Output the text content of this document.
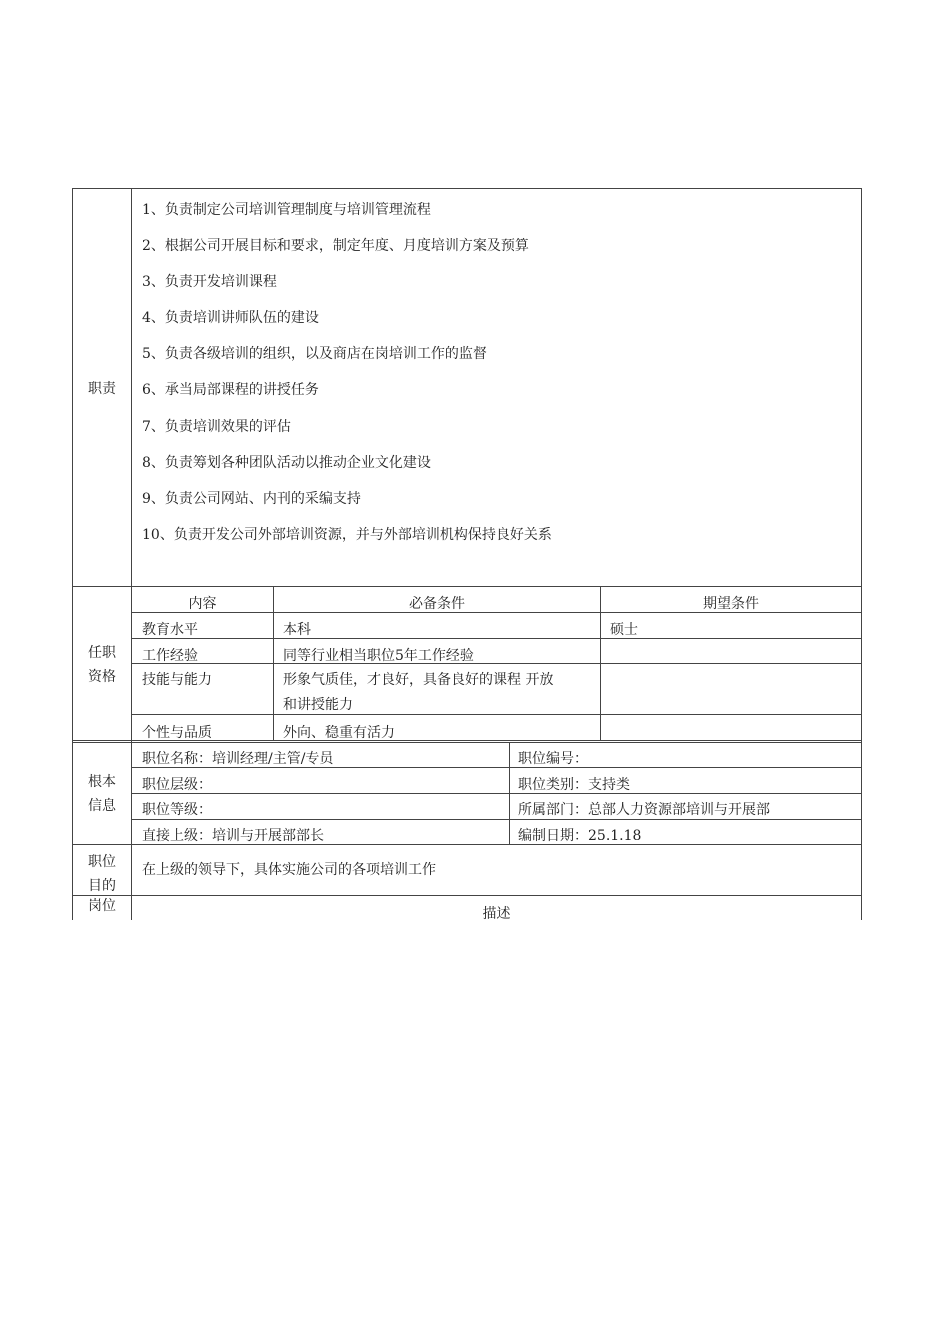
职责
1、负责制定公司培训管理制度与培训管理流程
2、根据公司开展目标和要求，制定年度、月度培训方案及预算
3、负责开发培训课程
4、负责培训讲师队伍的建设
5、负责各级培训的组织，以及商店在岗培训工作的监督
6、承当局部课程的讲授任务
7、负责培训效果的评估
8、负责筹划各种团队活动以推动企业文化建设
9、负责公司网站、内刊的采编支持
10、负责开发公司外部培训资源，并与外部培训机构保持良好关系
任职
资格
内容	必备条件	期望条件
教育水平	本科	硕士
工作经验	同等行业相当职位5年工作经验
技能与能力	形象气质佳，才良好，具备良好的课程 开放
和讲授能力
个性与品质	外向、稳重有活力
根本
信息
职位名称：培训经理/主管/专员	职位编号：
职位层级：	职位类别：支持类
职位等级：	所属部门：总部人力资源部培训与开展部
直接上级：培训与开展部部长	编制日期：25.1.18
职位
目的
在上级的领导下，具体实施公司的各项培训工作
岗位	描述
